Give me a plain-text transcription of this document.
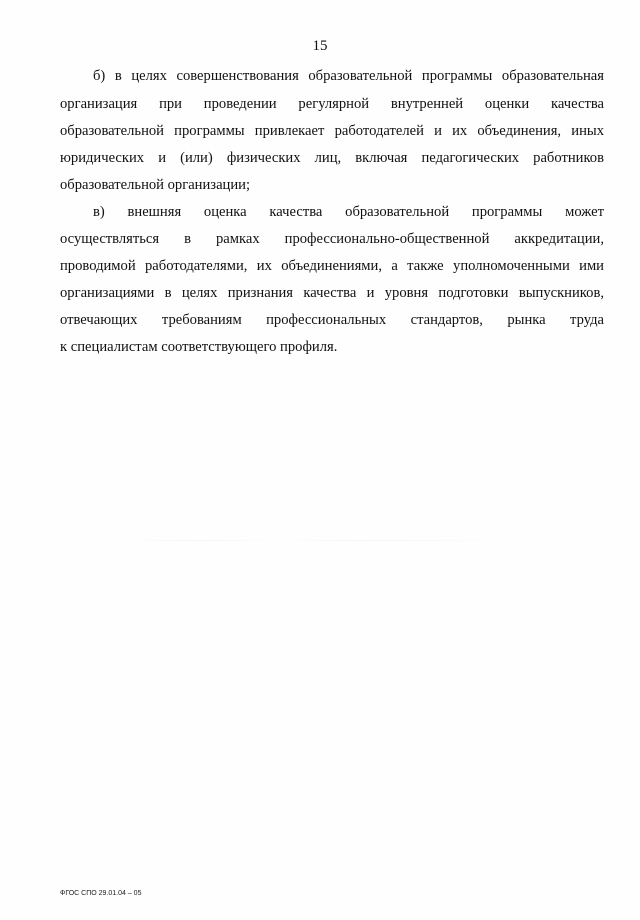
15
б) в целях совершенствования образовательной программы образовательная
организация при проведении регулярной внутренней оценки качества
образовательной программы привлекает работодателей и их объединения, иных
юридических и (или) физических лиц, включая педагогических работников
образовательной организации;
в) внешняя оценка качества образовательной программы может
осуществляться в рамках профессионально-общественной аккредитации,
проводимой работодателями, их объединениями, а также уполномоченными ими
организациями в целях признания качества и уровня подготовки выпускников,
отвечающих требованиям профессиональных стандартов, рынка труда
к специалистам соответствующего профиля.
ФГОС СПО 29.01.04 – 05
